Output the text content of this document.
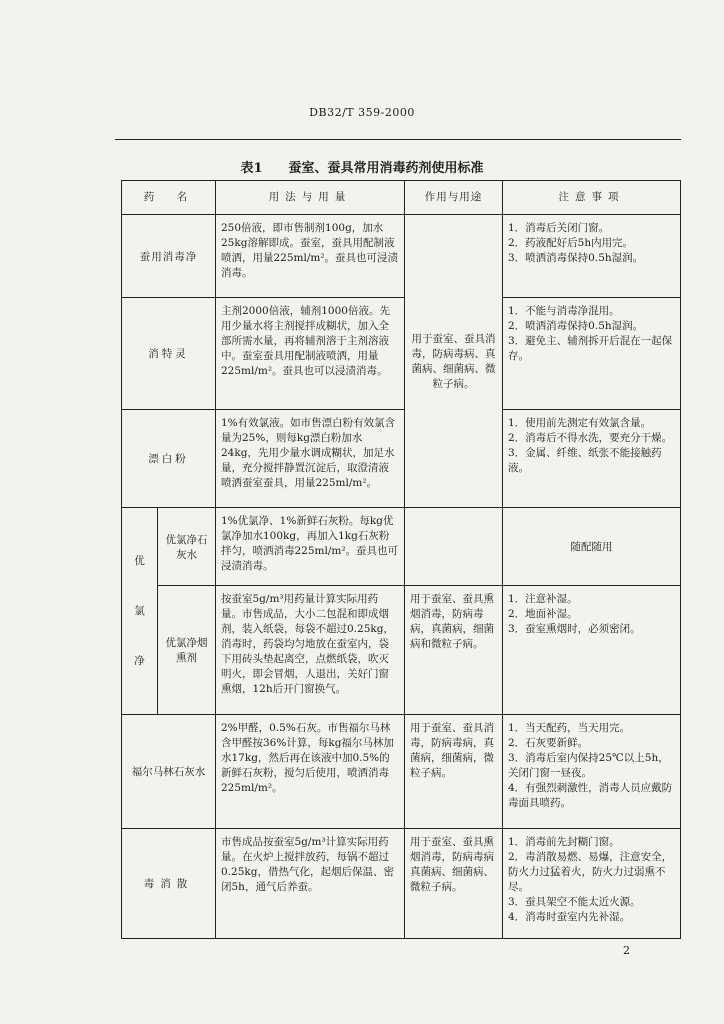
DB32/T 359-2000
表1　　蚕室、蚕具常用消毒药剂使用标准
药　名		用法与用量	作用与用途	注意事项
蚕用消毒净		250倍液，即市售制剂100g，加水25kg溶解即成。蚕室，蚕具用配制液喷洒，用量225ml/m²。蚕具也可浸渍消毒。	用于蚕室、蚕具消毒，防病毒病、真菌病、细菌病、微粒子病。	1．消毒后关闭门窗。
2．药液配好后5h内用完。
3．喷洒消毒保持0.5h湿润。

消特灵		主剂2000倍液，辅剂1000倍液。先用少量水将主剂搅拌成糊状，加入全部所需水量，再将辅剂溶于主剂溶液中。蚕室蚕具用配制液喷洒，用量225ml/m²。蚕具也可以浸渍消毒。		1．不能与消毒净混用。
2．喷洒消毒保持0.5h湿润。
3．避免主、辅剂拆开后混在一起保存。

漂白粉		1%有效氯液。如市售漂白粉有效氯含量为25%，则每kg漂白粉加水24kg，先用少量水调成糊状，加足水量，充分搅拌静置沉淀后，取澄清液喷洒蚕室蚕具，用量225ml/m²。		1．使用前先测定有效氯含量。
2．消毒后不得水洗，要充分干燥。
3．金属、纤维、纸张不能接触药液。

优
氯
净	优氯净石灰水	1%优氯净、1%新鲜石灰粉。每kg优氯净加水100kg，再加入1kg石灰粉拌匀，喷洒消毒225ml/m²。蚕具也可浸渍消毒。		随配随用
	优氯净烟熏剂	按蚕室5g/m³用药量计算实际用药量。市售成品，大小二包混和即成烟剂，装入纸袋，每袋不超过0.25kg，消毒时，药袋均匀地放在蚕室内，袋下用砖头垫起离空，点燃纸袋，吹灭明火，即会冒烟，人退出，关好门窗熏烟，12h后开门窗换气。	用于蚕室、蚕具熏烟消毒，防病毒病，真菌病，细菌病和微粒子病。	1．注意补湿。
2．地面补湿。
3．蚕室熏烟时，必须密闭。

福尔马林石灰水		2%甲醛，0.5%石灰。市售福尔马林含甲醛按36%计算，每kg福尔马林加水17kg，然后再在该液中加0.5%的新鲜石灰粉，搅匀后使用，喷洒消毒225ml/m²。	用于蚕室、蚕具消毒，防病毒病，真菌病，细菌病，微粒子病。	1．当天配药，当天用完。
2．石灰要新鲜。
3．消毒后室内保持25℃以上5h，关闭门窗一昼夜。
4．有强烈刺激性，消毒人员应戴防毒面具喷药。

毒消散		市售成品按蚕室5g/m³计算实际用药量。在火炉上搅拌放药，每锅不超过0.25kg，借热气化，起烟后保温、密闭5h，通气后养蚕。	用于蚕室、蚕具熏烟消毒，防病毒病真菌病、细菌病、微粒子病。	1．消毒前先封糊门窗。
2．毒消散易燃、易爆，注意安全，防火力过猛着火，防火力过弱熏不尽。
3．蚕具架空不能太近火源。
4．消毒时蚕室内先补湿。
2
